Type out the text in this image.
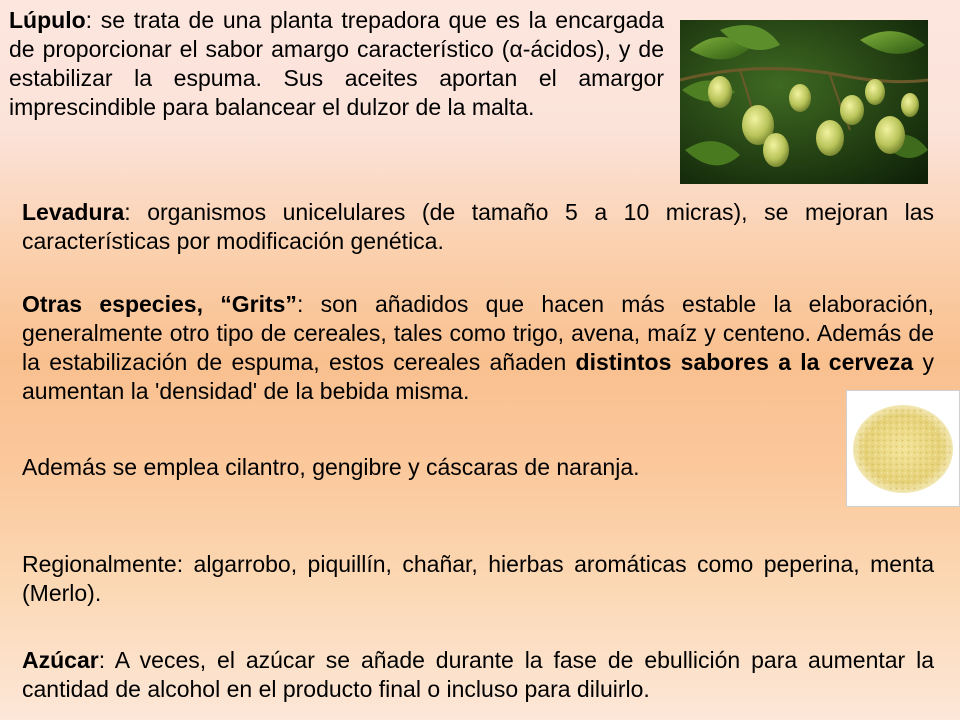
Lúpulo: se trata de una planta trepadora que es la encargada de proporcionar el sabor amargo característico (α-ácidos), y de estabilizar la espuma. Sus aceites aportan el amargor imprescindible para balancear el dulzor de la malta.

Levadura: organismos unicelulares (de tamaño 5 a 10 micras), se mejoran las características por modificación genética.

Otras especies, “Grits”: son añadidos que hacen más estable la elaboración, generalmente otro tipo de cereales, tales como trigo, avena, maíz y centeno. Además de la estabilización de espuma, estos cereales añaden distintos sabores a la cerveza y aumentan la 'densidad' de la bebida misma.

Además se emplea cilantro, gengibre y cáscaras de naranja.

Regionalmente: algarrobo, piquillín, chañar, hierbas aromáticas como peperina, menta (Merlo).

Azúcar: A veces, el azúcar se añade durante la fase de ebullición para aumentar la cantidad de alcohol en el producto final o incluso para diluirlo.
